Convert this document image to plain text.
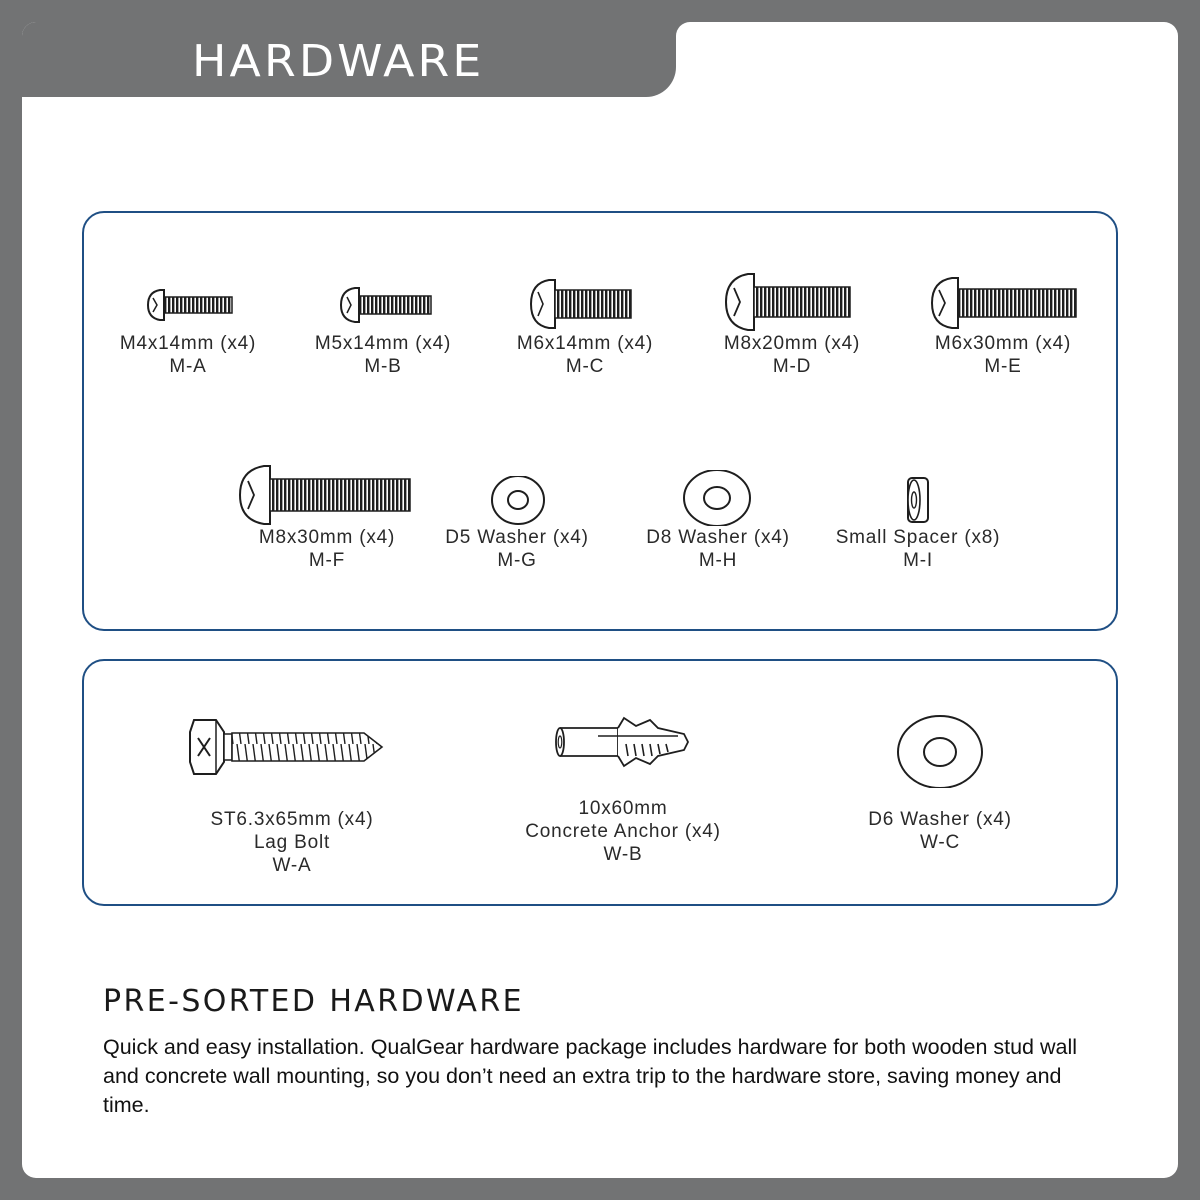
HARDWARE
M4x14mm (x4)
M-A
M5x14mm (x4)
M-B
M6x14mm (x4)
M-C
M8x20mm (x4)
M-D
M6x30mm (x4)
M-E
M8x30mm (x4)
M-F
D5 Washer (x4)
M-G
D8 Washer (x4)
M-H
Small Spacer (x8)
M-I
ST6.3x65mm (x4)
Lag Bolt
W-A
10x60mm
Concrete Anchor (x4)
W-B
D6 Washer (x4)
W-C
PRE-SORTED HARDWARE
Quick and easy installation. QualGear hardware package includes hardware for both wooden stud wall and concrete wall mounting, so you don’t need an extra trip to the hardware store, saving money and time.
